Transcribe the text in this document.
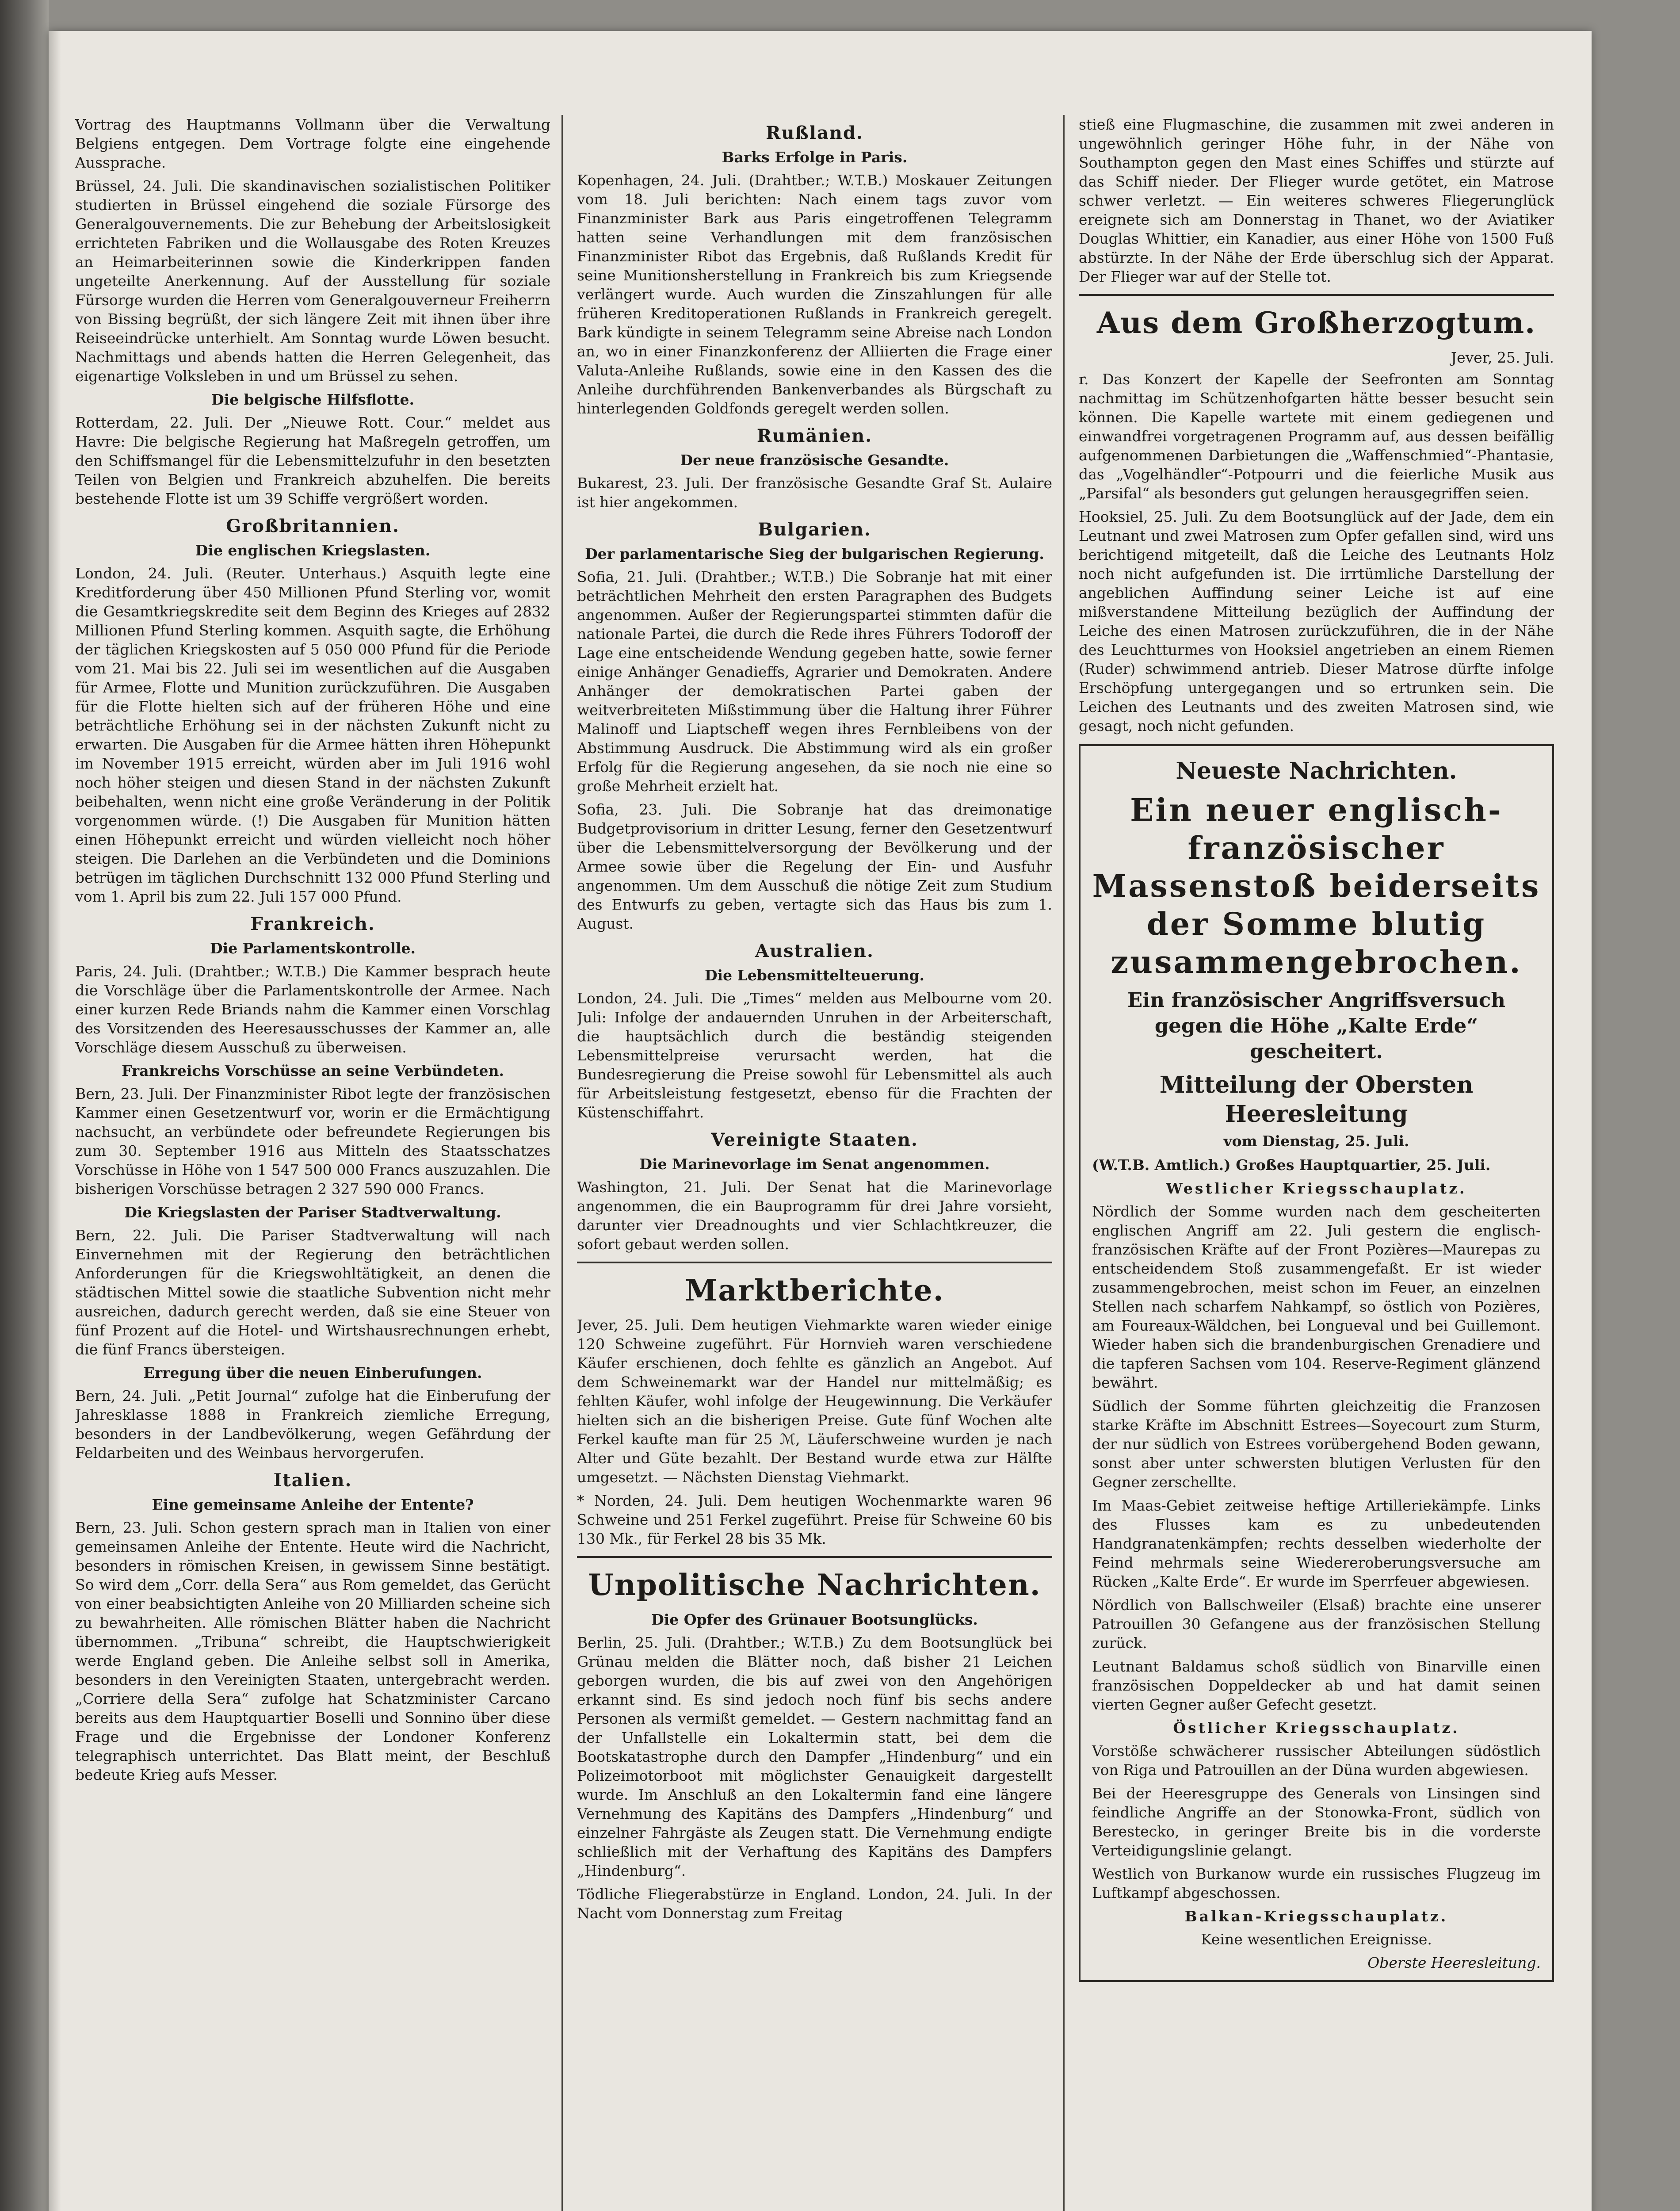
Vortrag des Hauptmanns Vollmann über die Verwaltung Belgiens entgegen. Dem Vortrage folgte eine eingehende Aussprache.

Brüssel, 24. Juli. Die skandinavischen sozialistischen Politiker studierten in Brüssel eingehend die soziale Fürsorge des Generalgouvernements. Die zur Behebung der Arbeitslosigkeit errichteten Fabriken und die Wollausgabe des Roten Kreuzes an Heimarbeiterinnen sowie die Kinderkrippen fanden ungeteilte Anerkennung. Auf der Ausstellung für soziale Fürsorge wurden die Herren vom Generalgouverneur Freiherrn von Bissing begrüßt, der sich längere Zeit mit ihnen über ihre Reiseeindrücke unterhielt. Am Sonntag wurde Löwen besucht. Nachmittags und abends hatten die Herren Gelegenheit, das eigenartige Volksleben in und um Brüssel zu sehen.

Die belgische Hilfsflotte.

Rotterdam, 22. Juli. Der „Nieuwe Rott. Cour.“ meldet aus Havre: Die belgische Regierung hat Maßregeln getroffen, um den Schiffsmangel für die Lebensmittelzufuhr in den besetzten Teilen von Belgien und Frankreich abzuhelfen. Die bereits bestehende Flotte ist um 39 Schiffe vergrößert worden.

Großbritannien.
Die englischen Kriegslasten.

London, 24. Juli. (Reuter. Unterhaus.) Asquith legte eine Kreditforderung über 450 Millionen Pfund Sterling vor, womit die Gesamtkriegskredite seit dem Beginn des Krieges auf 2832 Millionen Pfund Sterling kommen. Asquith sagte, die Erhöhung der täglichen Kriegskosten auf 5 050 000 Pfund für die Periode vom 21. Mai bis 22. Juli sei im wesentlichen auf die Ausgaben für Armee, Flotte und Munition zurückzuführen. Die Ausgaben für die Flotte hielten sich auf der früheren Höhe und eine beträchtliche Erhöhung sei in der nächsten Zukunft nicht zu erwarten. Die Ausgaben für die Armee hätten ihren Höhepunkt im November 1915 erreicht, würden aber im Juli 1916 wohl noch höher steigen und diesen Stand in der nächsten Zukunft beibehalten, wenn nicht eine große Veränderung in der Politik vorgenommen würde. (!) Die Ausgaben für Munition hätten einen Höhepunkt erreicht und würden vielleicht noch höher steigen. Die Darlehen an die Verbündeten und die Dominions betrügen im täglichen Durchschnitt 132 000 Pfund Sterling und vom 1. April bis zum 22. Juli 157 000 Pfund.

Frankreich.
Die Parlamentskontrolle.

Paris, 24. Juli. (Drahtber.; W.T.B.) Die Kammer besprach heute die Vorschläge über die Parlamentskontrolle der Armee. Nach einer kurzen Rede Briands nahm die Kammer einen Vorschlag des Vorsitzenden des Heeresausschusses der Kammer an, alle Vorschläge diesem Ausschuß zu überweisen.

Frankreichs Vorschüsse an seine Verbündeten.

Bern, 23. Juli. Der Finanzminister Ribot legte der französischen Kammer einen Gesetzentwurf vor, worin er die Ermächtigung nachsucht, an verbündete oder befreundete Regierungen bis zum 30. September 1916 aus Mitteln des Staatsschatzes Vorschüsse in Höhe von 1 547 500 000 Francs auszuzahlen. Die bisherigen Vorschüsse betragen 2 327 590 000 Francs.

Die Kriegslasten der Pariser Stadtverwaltung.

Bern, 22. Juli. Die Pariser Stadtverwaltung will nach Einvernehmen mit der Regierung den beträchtlichen Anforderungen für die Kriegswohltätigkeit, an denen die städtischen Mittel sowie die staatliche Subvention nicht mehr ausreichen, dadurch gerecht werden, daß sie eine Steuer von fünf Prozent auf die Hotel- und Wirtshausrechnungen erhebt, die fünf Francs übersteigen.

Erregung über die neuen Einberufungen.

Bern, 24. Juli. „Petit Journal“ zufolge hat die Einberufung der Jahresklasse 1888 in Frankreich ziemliche Erregung, besonders in der Landbevölkerung, wegen Gefährdung der Feldarbeiten und des Weinbaus hervorgerufen.

Italien.
Eine gemeinsame Anleihe der Entente?

Bern, 23. Juli. Schon gestern sprach man in Italien von einer gemeinsamen Anleihe der Entente. Heute wird die Nachricht, besonders in römischen Kreisen, in gewissem Sinne bestätigt. So wird dem „Corr. della Sera“ aus Rom gemeldet, das Gerücht von einer beabsichtigten Anleihe von 20 Milliarden scheine sich zu bewahrheiten. Alle römischen Blätter haben die Nachricht übernommen. „Tribuna“ schreibt, die Hauptschwierigkeit werde England geben. Die Anleihe selbst soll in Amerika, besonders in den Vereinigten Staaten, untergebracht werden. „Corriere della Sera“ zufolge hat Schatzminister Carcano bereits aus dem Hauptquartier Boselli und Sonnino über diese Frage und die Ergebnisse der Londoner Konferenz telegraphisch unterrichtet. Das Blatt meint, der Beschluß bedeute Krieg aufs Messer.

Rußland.
Barks Erfolge in Paris.

Kopenhagen, 24. Juli. (Drahtber.; W.T.B.) Moskauer Zeitungen vom 18. Juli berichten: Nach einem tags zuvor vom Finanzminister Bark aus Paris eingetroffenen Telegramm hatten seine Verhandlungen mit dem französischen Finanzminister Ribot das Ergebnis, daß Rußlands Kredit für seine Munitionsherstellung in Frankreich bis zum Kriegsende verlängert wurde. Auch wurden die Zinszahlungen für alle früheren Kreditoperationen Rußlands in Frankreich geregelt. Bark kündigte in seinem Telegramm seine Abreise nach London an, wo in einer Finanzkonferenz der Alliierten die Frage einer Valuta-Anleihe Rußlands, sowie eine in den Kassen des die Anleihe durchführenden Bankenverbandes als Bürgschaft zu hinterlegenden Goldfonds geregelt werden sollen.

Rumänien.
Der neue französische Gesandte.

Bukarest, 23. Juli. Der französische Gesandte Graf St. Aulaire ist hier angekommen.

Bulgarien.
Der parlamentarische Sieg der bulgarischen Regierung.

Sofia, 21. Juli. (Drahtber.; W.T.B.) Die Sobranje hat mit einer beträchtlichen Mehrheit den ersten Paragraphen des Budgets angenommen. Außer der Regierungspartei stimmten dafür die nationale Partei, die durch die Rede ihres Führers Todoroff der Lage eine entscheidende Wendung gegeben hatte, sowie ferner einige Anhänger Genadieffs, Agrarier und Demokraten. Andere Anhänger der demokratischen Partei gaben der weitverbreiteten Mißstimmung über die Haltung ihrer Führer Malinoff und Liaptscheff wegen ihres Fernbleibens von der Abstimmung Ausdruck. Die Abstimmung wird als ein großer Erfolg für die Regierung angesehen, da sie noch nie eine so große Mehrheit erzielt hat.

Sofia, 23. Juli. Die Sobranje hat das dreimonatige Budgetprovisorium in dritter Lesung, ferner den Gesetzentwurf über die Lebensmittelversorgung der Bevölkerung und der Armee sowie über die Regelung der Ein- und Ausfuhr angenommen. Um dem Ausschuß die nötige Zeit zum Studium des Entwurfs zu geben, vertagte sich das Haus bis zum 1. August.

Australien.
Die Lebensmittelteuerung.

London, 24. Juli. Die „Times“ melden aus Melbourne vom 20. Juli: Infolge der andauernden Unruhen in der Arbeiterschaft, die hauptsächlich durch die beständig steigenden Lebensmittelpreise verursacht werden, hat die Bundesregierung die Preise sowohl für Lebensmittel als auch für Arbeitsleistung festgesetzt, ebenso für die Frachten der Küstenschiffahrt.

Vereinigte Staaten.
Die Marinevorlage im Senat angenommen.

Washington, 21. Juli. Der Senat hat die Marinevorlage angenommen, die ein Bauprogramm für drei Jahre vorsieht, darunter vier Dreadnoughts und vier Schlachtkreuzer, die sofort gebaut werden sollen.

Marktberichte.

Jever, 25. Juli. Dem heutigen Viehmarkte waren wieder einige 120 Schweine zugeführt. Für Hornvieh waren verschiedene Käufer erschienen, doch fehlte es gänzlich an Angebot. Auf dem Schweinemarkt war der Handel nur mittelmäßig; es fehlten Käufer, wohl infolge der Heugewinnung. Die Verkäufer hielten sich an die bisherigen Preise. Gute fünf Wochen alte Ferkel kaufte man für 25 ℳ, Läuferschweine wurden je nach Alter und Güte bezahlt. Der Bestand wurde etwa zur Hälfte umgesetzt. — Nächsten Dienstag Viehmarkt.

* Norden, 24. Juli. Dem heutigen Wochenmarkte waren 96 Schweine und 251 Ferkel zugeführt. Preise für Schweine 60 bis 130 Mk., für Ferkel 28 bis 35 Mk.

Unpolitische Nachrichten.
Die Opfer des Grünauer Bootsunglücks.

Berlin, 25. Juli. (Drahtber.; W.T.B.) Zu dem Bootsunglück bei Grünau melden die Blätter noch, daß bisher 21 Leichen geborgen wurden, die bis auf zwei von den Angehörigen erkannt sind. Es sind jedoch noch fünf bis sechs andere Personen als vermißt gemeldet. — Gestern nachmittag fand an der Unfallstelle ein Lokaltermin statt, bei dem die Bootskatastrophe durch den Dampfer „Hindenburg“ und ein Polizeimotorboot mit möglichster Genauigkeit dargestellt wurde. Im Anschluß an den Lokaltermin fand eine längere Vernehmung des Kapitäns des Dampfers „Hindenburg“ und einzelner Fahrgäste als Zeugen statt. Die Vernehmung endigte schließlich mit der Verhaftung des Kapitäns des Dampfers „Hindenburg“.

Tödliche Fliegerabstürze in England. London, 24. Juli. In der Nacht vom Donnerstag zum Freitag

stieß eine Flugmaschine, die zusammen mit zwei anderen in ungewöhnlich geringer Höhe fuhr, in der Nähe von Southampton gegen den Mast eines Schiffes und stürzte auf das Schiff nieder. Der Flieger wurde getötet, ein Matrose schwer verletzt. — Ein weiteres schweres Fliegerunglück ereignete sich am Donnerstag in Thanet, wo der Aviatiker Douglas Whittier, ein Kanadier, aus einer Höhe von 1500 Fuß abstürzte. In der Nähe der Erde überschlug sich der Apparat. Der Flieger war auf der Stelle tot.

Aus dem Großherzogtum.
Jever, 25. Juli.

r. Das Konzert der Kapelle der Seefronten am Sonntag nachmittag im Schützenhofgarten hätte besser besucht sein können. Die Kapelle wartete mit einem gediegenen und einwandfrei vorgetragenen Programm auf, aus dessen beifällig aufgenommenen Darbietungen die „Waffenschmied“-Phantasie, das „Vogelhändler“-Potpourri und die feierliche Musik aus „Parsifal“ als besonders gut gelungen herausgegriffen seien.

Hooksiel, 25. Juli. Zu dem Bootsunglück auf der Jade, dem ein Leutnant und zwei Matrosen zum Opfer gefallen sind, wird uns berichtigend mitgeteilt, daß die Leiche des Leutnants Holz noch nicht aufgefunden ist. Die irrtümliche Darstellung der angeblichen Auffindung seiner Leiche ist auf eine mißverstandene Mitteilung bezüglich der Auffindung der Leiche des einen Matrosen zurückzuführen, die in der Nähe des Leuchtturmes von Hooksiel angetrieben an einem Riemen (Ruder) schwimmend antrieb. Dieser Matrose dürfte infolge Erschöpfung untergegangen und so ertrunken sein. Die Leichen des Leutnants und des zweiten Matrosen sind, wie gesagt, noch nicht gefunden.

Neueste Nachrichten.
Ein neuer englisch-französischer Massenstoß beiderseits der Somme blutig zusammengebrochen.
Ein französischer Angriffsversuch gegen die Höhe „Kalte Erde“ gescheitert.
Mitteilung der Obersten Heeresleitung
vom Dienstag, 25. Juli.

(W.T.B. Amtlich.) Großes Hauptquartier, 25. Juli.

Westlicher Kriegsschauplatz.

Nördlich der Somme wurden nach dem gescheiterten englischen Angriff am 22. Juli gestern die englisch-französischen Kräfte auf der Front Pozières—Maurepas zu entscheidendem Stoß zusammengefaßt. Er ist wieder zusammengebrochen, meist schon im Feuer, an einzelnen Stellen nach scharfem Nahkampf, so östlich von Pozières, am Foureaux-Wäldchen, bei Longueval und bei Guillemont. Wieder haben sich die brandenburgischen Grenadiere und die tapferen Sachsen vom 104. Reserve-Regiment glänzend bewährt.

Südlich der Somme führten gleichzeitig die Franzosen starke Kräfte im Abschnitt Estrees—Soyecourt zum Sturm, der nur südlich von Estrees vorübergehend Boden gewann, sonst aber unter schwersten blutigen Verlusten für den Gegner zerschellte.

Im Maas-Gebiet zeitweise heftige Artilleriekämpfe. Links des Flusses kam es zu unbedeutenden Handgranatenkämpfen; rechts desselben wiederholte der Feind mehrmals seine Wiedereroberungsversuche am Rücken „Kalte Erde“. Er wurde im Sperrfeuer abgewiesen.

Nördlich von Ballschweiler (Elsaß) brachte eine unserer Patrouillen 30 Gefangene aus der französischen Stellung zurück.

Leutnant Baldamus schoß südlich von Binarville einen französischen Doppeldecker ab und hat damit seinen vierten Gegner außer Gefecht gesetzt.

Östlicher Kriegsschauplatz.

Vorstöße schwächerer russischer Abteilungen südöstlich von Riga und Patrouillen an der Düna wurden abgewiesen.

Bei der Heeresgruppe des Generals von Linsingen sind feindliche Angriffe an der Stonowka-Front, südlich von Berestecko, in geringer Breite bis in die vorderste Verteidigungslinie gelangt.

Westlich von Burkanow wurde ein russisches Flugzeug im Luftkampf abgeschossen.

Balkan-Kriegsschauplatz.

Keine wesentlichen Ereignisse.

Oberste Heeresleitung.
